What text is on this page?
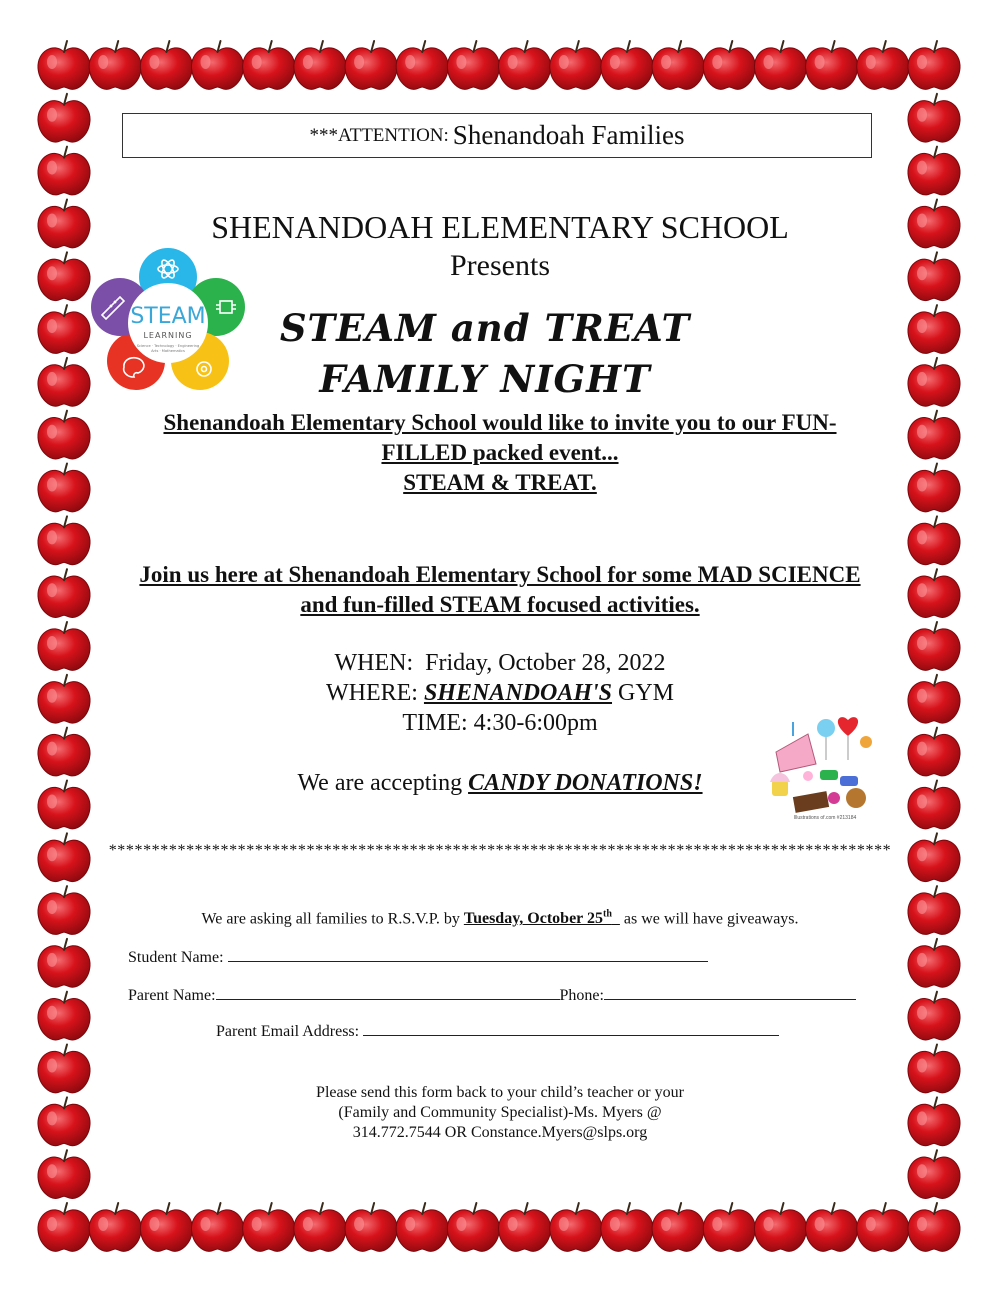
***ATTENTION: Shenandoah Families
SHENANDOAH ELEMENTARY SCHOOL
Presents
STEAM
LEARNING
Science · Technology · Engineering
Arts · Mathematics
STEAM and TREAT
FAMILY NIGHT
Shenandoah Elementary School would like to invite you to our FUN-
FILLED packed event...
STEAM & TREAT.
Join us here at Shenandoah Elementary School for some MAD SCIENCE
and fun-filled STEAM focused activities.
WHEN: Friday, October 28, 2022
WHERE: SHENANDOAH'S GYM
TIME: 4:30-6:00pm
We are accepting CANDY DONATIONS!
Illustrations of.com #213184
*******************************************************************************************
We are asking all families to R.S.V.P. by Tuesday, October 25th as we will have giveaways.
Student Name:
Parent Name:	Phone:
Parent Email Address:
Please send this form back to your child’s teacher or your
(Family and Community Specialist)-Ms. Myers @
314.772.7544 OR Constance.Myers@slps.org
